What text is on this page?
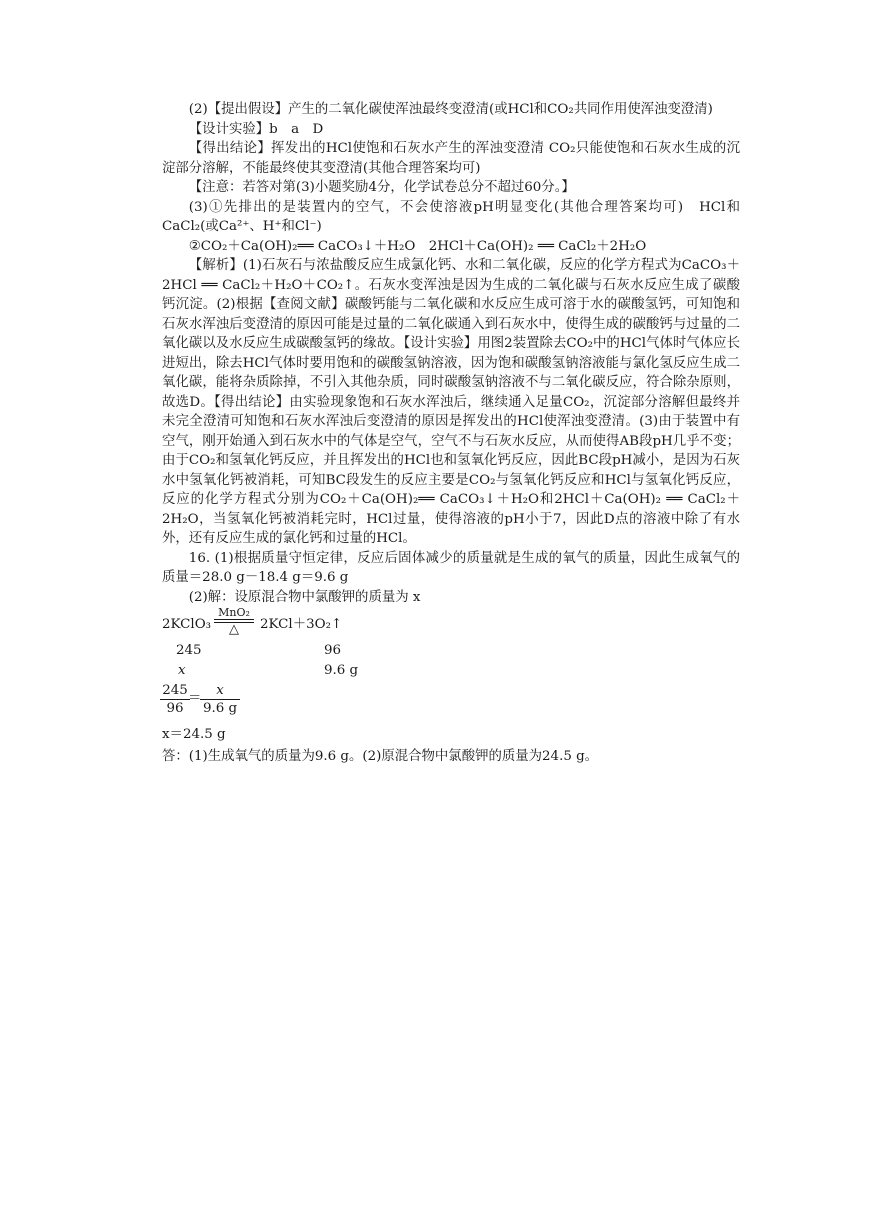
(2)【提出假设】产生的二氧化碳使浑浊最终变澄清(或HCl和CO₂共同作用使浑浊变澄清)

【设计实验】b　a　D

【得出结论】挥发出的HCl使饱和石灰水产生的浑浊变澄清 CO₂只能使饱和石灰水生成的沉淀部分溶解，不能最终使其变澄清(其他合理答案均可)

【注意：若答对第(3)小题奖励4分，化学试卷总分不超过60分。】

(3)①先排出的是装置内的空气，不会使溶液pH明显变化(其他合理答案均可)　HCl和CaCl₂(或Ca²⁺、H⁺和Cl⁻)

②CO₂＋Ca(OH)₂══ CaCO₃↓＋H₂O　2HCl＋Ca(OH)₂ ══ CaCl₂＋2H₂O

【解析】(1)石灰石与浓盐酸反应生成氯化钙、水和二氧化碳，反应的化学方程式为CaCO₃＋2HCl ══ CaCl₂＋H₂O＋CO₂↑。石灰水变浑浊是因为生成的二氧化碳与石灰水反应生成了碳酸钙沉淀。(2)根据【查阅文献】碳酸钙能与二氧化碳和水反应生成可溶于水的碳酸氢钙，可知饱和石灰水浑浊后变澄清的原因可能是过量的二氧化碳通入到石灰水中，使得生成的碳酸钙与过量的二氧化碳以及水反应生成碳酸氢钙的缘故。【设计实验】用图2装置除去CO₂中的HCl气体时气体应长进短出，除去HCl气体时要用饱和的碳酸氢钠溶液，因为饱和碳酸氢钠溶液能与氯化氢反应生成二氧化碳，能将杂质除掉，不引入其他杂质，同时碳酸氢钠溶液不与二氧化碳反应，符合除杂原则，故选D。【得出结论】由实验现象饱和石灰水浑浊后，继续通入足量CO₂，沉淀部分溶解但最终并未完全澄清可知饱和石灰水浑浊后变澄清的原因是挥发出的HCl使浑浊变澄清。(3)由于装置中有空气，刚开始通入到石灰水中的气体是空气，空气不与石灰水反应，从而使得AB段pH几乎不变；由于CO₂和氢氧化钙反应，并且挥发出的HCl也和氢氧化钙反应，因此BC段pH减小，是因为石灰水中氢氧化钙被消耗，可知BC段发生的反应主要是CO₂与氢氧化钙反应和HCl与氢氧化钙反应，反应的化学方程式分别为CO₂＋Ca(OH)₂══ CaCO₃↓＋H₂O和2HCl＋Ca(OH)₂ ══ CaCl₂＋2H₂O，当氢氧化钙被消耗完时，HCl过量，使得溶液的pH小于7，因此D点的溶液中除了有水外，还有反应生成的氯化钙和过量的HCl。

16. (1)根据质量守恒定律，反应后固体减少的质量就是生成的氧气的质量，因此生成氧气的质量＝28.0 g－18.4 g＝9.6 g

(2)解：设原混合物中氯酸钾的质量为 x

2KClO₃
MnO₂
△	2KCl＋3O₂↑
245	96
x	9.6 g
$\frac{245}{96}$
＝
$\frac{x}{9.6 g}$
x＝24.5 g
答：(1)生成氧气的质量为9.6 g。(2)原混合物中氯酸钾的质量为24.5 g。
